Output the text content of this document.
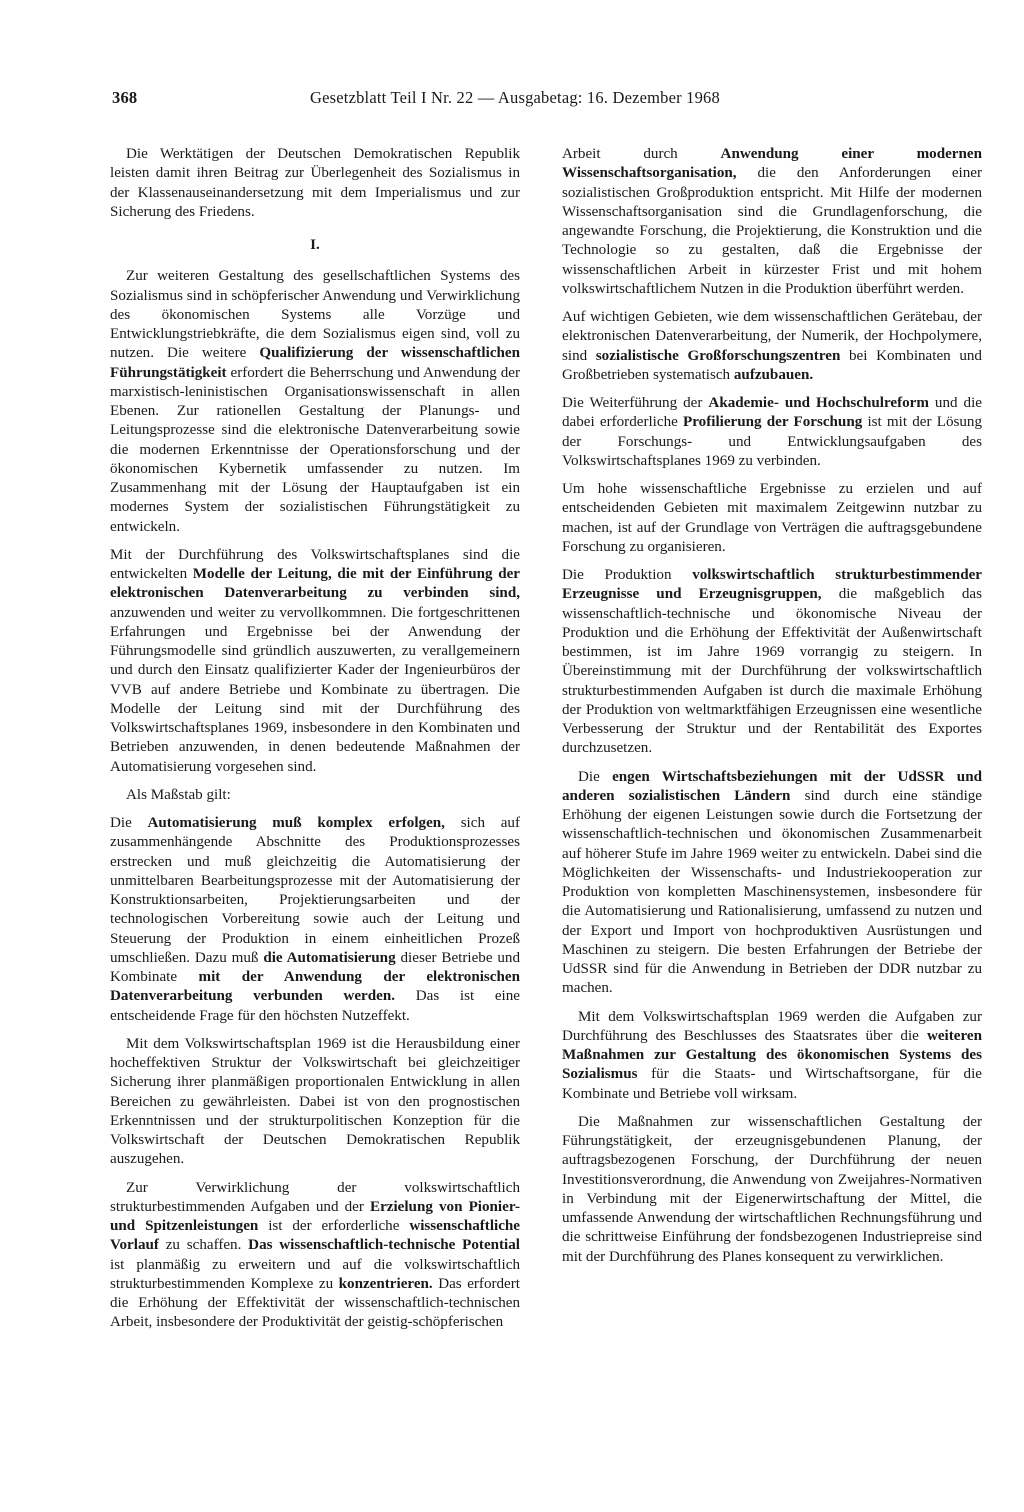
368	Gesetzblatt Teil I Nr. 22 — Ausgabetag: 16. Dezember 1968

Die Werktätigen der Deutschen Demokratischen Republik leisten damit ihren Beitrag zur Überlegenheit des Sozialismus in der Klassenauseinandersetzung mit dem Imperialismus und zur Sicherung des Friedens.

I.

Zur weiteren Gestaltung des gesellschaftlichen Systems des Sozialismus sind in schöpferischer Anwendung und Verwirklichung des ökonomischen Systems alle Vorzüge und Entwicklungstriebkräfte, die dem Sozialismus eigen sind, voll zu nutzen. Die weitere Qualifizierung der wissenschaftlichen Führungstätigkeit erfordert die Beherrschung und Anwendung der marxistisch-leninistischen Organisationswissenschaft in allen Ebenen. Zur rationellen Gestaltung der Planungs- und Leitungsprozesse sind die elektronische Datenverarbeitung sowie die modernen Erkenntnisse der Operationsforschung und der ökonomischen Kybernetik umfassender zu nutzen. Im Zusammenhang mit der Lösung der Hauptaufgaben ist ein modernes System der sozialistischen Führungstätigkeit zu entwickeln.

Mit der Durchführung des Volkswirtschaftsplanes sind die entwickelten Modelle der Leitung, die mit der Einführung der elektronischen Datenverarbeitung zu verbinden sind, anzuwenden und weiter zu vervollkommnen. Die fortgeschrittenen Erfahrungen und Ergebnisse bei der Anwendung der Führungsmodelle sind gründlich auszuwerten, zu verallgemeinern und durch den Einsatz qualifizierter Kader der Ingenieurbüros der VVB auf andere Betriebe und Kombinate zu übertragen. Die Modelle der Leitung sind mit der Durchführung des Volkswirtschaftsplanes 1969, insbesondere in den Kombinaten und Betrieben anzuwenden, in denen bedeutende Maßnahmen der Automatisierung vorgesehen sind.

Als Maßstab gilt:

Die Automatisierung muß komplex erfolgen, sich auf zusammenhängende Abschnitte des Produktionsprozesses erstrecken und muß gleichzeitig die Automatisierung der unmittelbaren Bearbeitungsprozesse mit der Automatisierung der Konstruktionsarbeiten, Projektierungsarbeiten und der technologischen Vorbereitung sowie auch der Leitung und Steuerung der Produktion in einem einheitlichen Prozeß umschließen. Dazu muß die Automatisierung dieser Betriebe und Kombinate mit der Anwendung der elektronischen Datenverarbeitung verbunden werden. Das ist eine entscheidende Frage für den höchsten Nutzeffekt.

Mit dem Volkswirtschaftsplan 1969 ist die Herausbildung einer hocheffektiven Struktur der Volkswirtschaft bei gleichzeitiger Sicherung ihrer planmäßigen proportionalen Entwicklung in allen Bereichen zu gewährleisten. Dabei ist von den prognostischen Erkenntnissen und der strukturpolitischen Konzeption für die Volkswirtschaft der Deutschen Demokratischen Republik auszugehen.

Zur Verwirklichung der volkswirtschaftlich strukturbestimmenden Aufgaben und der Erzielung von Pionier- und Spitzenleistungen ist der erforderliche wissenschaftliche Vorlauf zu schaffen. Das wissenschaftlich-technische Potential ist planmäßig zu erweitern und auf die volkswirtschaftlich strukturbestimmenden Komplexe zu konzentrieren. Das erfordert die Erhöhung der Effektivität der wissenschaftlich-technischen Arbeit, insbesondere der Produktivität der geistig-schöpferischen

Arbeit durch	Anwendung einer modernen Wissenschaftsorganisation, die den Anforderungen einer sozialistischen Großproduktion entspricht. Mit Hilfe der modernen Wissenschaftsorganisation sind die Grundlagenforschung, die angewandte Forschung, die Projektierung, die Konstruktion und die Technologie so zu gestalten, daß die Ergebnisse der wissenschaftlichen Arbeit in kürzester Frist und mit hohem volkswirtschaftlichem Nutzen in die Produktion überführt werden.

Auf wichtigen Gebieten, wie dem wissenschaftlichen Gerätebau, der elektronischen Datenverarbeitung, der Numerik, der Hochpolymere, sind sozialistische Großforschungszentren bei Kombinaten und Großbetrieben systematisch aufzubauen.

Die Weiterführung der Akademie- und Hochschulreform und die dabei erforderliche Profilierung der Forschung ist mit der Lösung der Forschungs- und Entwicklungsaufgaben des Volkswirtschaftsplanes 1969 zu verbinden.

Um hohe wissenschaftliche Ergebnisse zu erzielen und auf entscheidenden Gebieten mit maximalem Zeitgewinn nutzbar zu machen, ist auf der Grundlage von Verträgen die auftragsgebundene Forschung zu organisieren.

Die Produktion volkswirtschaftlich strukturbestimmender Erzeugnisse und Erzeugnisgruppen, die maßgeblich das wissenschaftlich-technische und ökonomische Niveau der Produktion und die Erhöhung der Effektivität der Außenwirtschaft bestimmen, ist im Jahre 1969 vorrangig zu steigern. In Übereinstimmung mit der Durchführung der volkswirtschaftlich strukturbestimmenden Aufgaben ist durch die maximale Erhöhung der Produktion von weltmarktfähigen Erzeugnissen eine wesentliche Verbesserung der Struktur und der Rentabilität des Exportes durchzusetzen.

Die engen Wirtschaftsbeziehungen mit der UdSSR und anderen sozialistischen Ländern sind durch eine ständige Erhöhung der eigenen Leistungen sowie durch die Fortsetzung der wissenschaftlich-technischen und ökonomischen Zusammenarbeit auf höherer Stufe im Jahre 1969 weiter zu entwickeln. Dabei sind die Möglichkeiten der Wissenschafts- und Industriekooperation zur Produktion von kompletten Maschinensystemen, insbesondere für die Automatisierung und Rationalisierung, umfassend zu nutzen und der Export und Import von hochproduktiven Ausrüstungen und Maschinen zu steigern. Die besten Erfahrungen der Betriebe der UdSSR sind für die Anwendung in Betrieben der DDR nutzbar zu machen.

Mit dem Volkswirtschaftsplan 1969 werden die Aufgaben zur Durchführung des Beschlusses des Staatsrates über die weiteren Maßnahmen zur Gestaltung des ökonomischen Systems des Sozialismus für die Staats- und Wirtschaftsorgane, für die Kombinate und Betriebe voll wirksam.

Die Maßnahmen zur wissenschaftlichen Gestaltung der Führungstätigkeit, der erzeugnisgebundenen Planung, der auftragsbezogenen Forschung, der Durchführung der neuen Investitionsverordnung, die Anwendung von Zweijahres-Normativen in Verbindung mit der Eigenerwirtschaftung der Mittel, die umfassende Anwendung der wirtschaftlichen Rechnungsführung und die schrittweise Einführung der fondsbezogenen Industriepreise sind mit der Durchführung des Planes konsequent zu verwirklichen.
